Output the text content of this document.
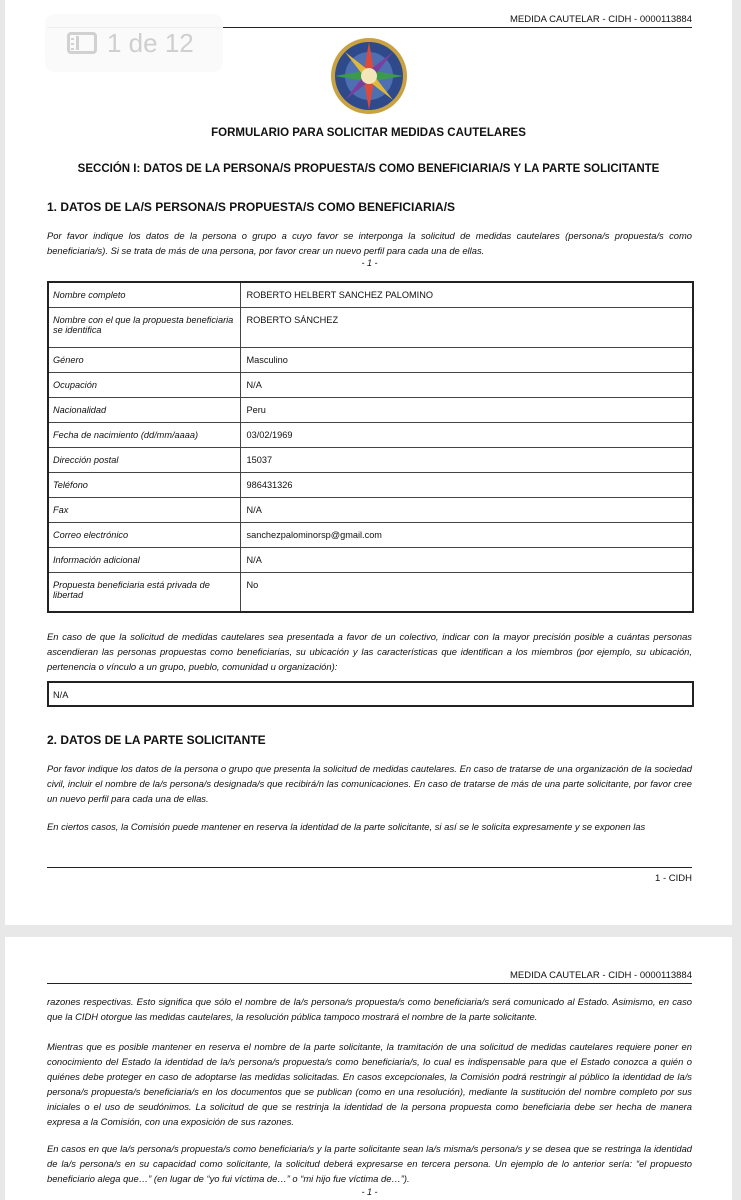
MEDIDA CAUTELAR - CIDH - 0000113884
1 de 12
FORMULARIO PARA SOLICITAR MEDIDAS CAUTELARES
SECCIÓN I: DATOS DE LA PERSONA/S PROPUESTA/S COMO BENEFICIARIA/S Y LA PARTE SOLICITANTE
1. DATOS DE LA/S PERSONA/S PROPUESTA/S COMO BENEFICIARIA/S
Por favor indique los datos de la persona o grupo a cuyo favor se interponga la solicitud de medidas cautelares (persona/s propuesta/s como beneficiaria/s). Si se trata de más de una persona, por favor crear un nuevo perfil para cada una de ellas.
- 1 -
Nombre completo	ROBERTO HELBERT SANCHEZ PALOMINO
Nombre con el que la propuesta beneficiaria se identifica	ROBERTO SÁNCHEZ
Género	Masculino
Ocupación	N/A
Nacionalidad	Peru
Fecha de nacimiento (dd/mm/aaaa)	03/02/1969
Dirección postal	15037
Teléfono	986431326
Fax	N/A
Correo electrónico	sanchezpalominorsp@gmail.com
Información adicional	N/A
Propuesta beneficiaria está privada de libertad	No
En caso de que la solicitud de medidas cautelares sea presentada a favor de un colectivo, indicar con la mayor precisión posible a cuántas personas ascendieran las personas propuestas como beneficiarias, su ubicación y las características que identifican a los miembros (por ejemplo, su ubicación, pertenencia o vínculo a un grupo, pueblo, comunidad u organización):
N/A
2. DATOS DE LA PARTE SOLICITANTE
Por favor indique los datos de la persona o grupo que presenta la solicitud de medidas cautelares. En caso de tratarse de una organización de la sociedad civil, incluir el nombre de la/s persona/s designada/s que recibirá/n las comunicaciones. En caso de tratarse de más de una parte solicitante, por favor cree un nuevo perfil para cada una de ellas.
En ciertos casos, la Comisión puede mantener en reserva la identidad de la parte solicitante, si así se le solicita expresamente y se exponen las
1 - CIDH
MEDIDA CAUTELAR - CIDH - 0000113884
razones respectivas. Esto significa que sólo el nombre de la/s persona/s propuesta/s como beneficiaria/s será comunicado al Estado. Asimismo, en caso que la CIDH otorgue las medidas cautelares, la resolución pública tampoco mostrará el nombre de la parte solicitante.
Mientras que es posible mantener en reserva el nombre de la parte solicitante, la tramitación de una solicitud de medidas cautelares requiere poner en conocimiento del Estado la identidad de la/s persona/s propuesta/s como beneficiaria/s, lo cual es indispensable para que el Estado conozca a quién o quiénes debe proteger en caso de adoptarse las medidas solicitadas. En casos excepcionales, la Comisión podrá restringir al público la identidad de la/s persona/s propuesta/s beneficiaria/s en los documentos que se publican (como en una resolución), mediante la sustitución del nombre completo por sus iniciales o el uso de seudónimos. La solicitud de que se restrinja la identidad de la persona propuesta como beneficiaria debe ser hecha de manera expresa a la Comisión, con una exposición de sus razones.
En casos en que la/s persona/s propuesta/s como beneficiaria/s y la parte solicitante sean la/s misma/s persona/s y se desea que se restringa la identidad de la/s persona/s en su capacidad como solicitante, la solicitud deberá expresarse en tercera persona. Un ejemplo de lo anterior sería: “el propuesto beneficiario alega que…” (en lugar de “yo fui víctima de…” o “mi hijo fue víctima de…”).
- 1 -
